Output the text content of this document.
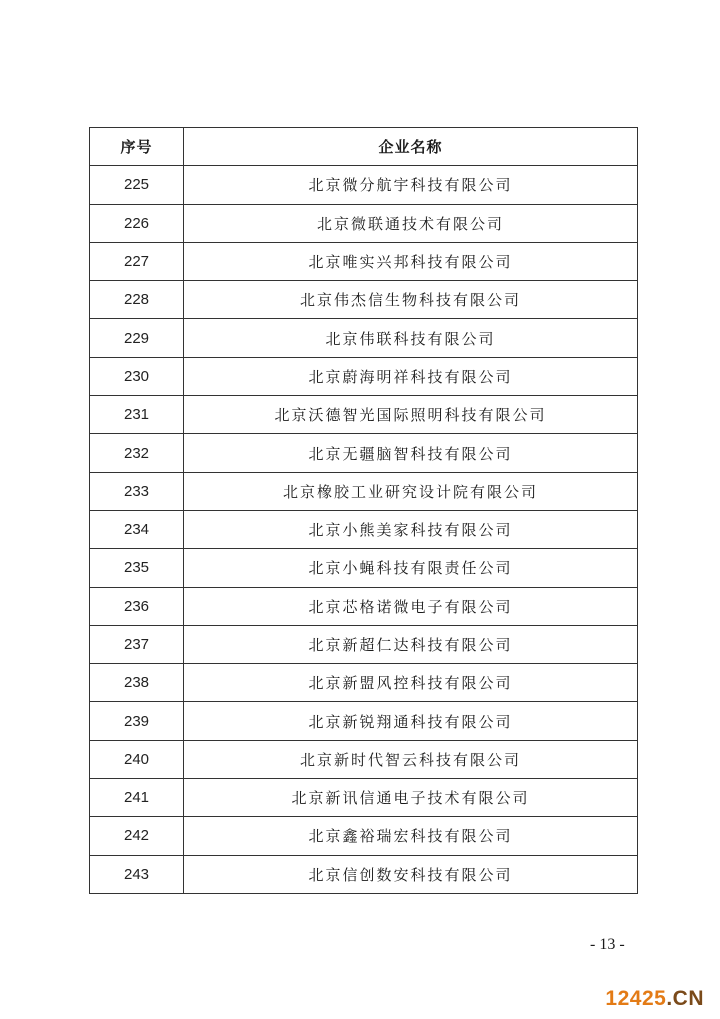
序号	企业名称
225	北京微分航宇科技有限公司
226	北京微联通技术有限公司
227	北京唯实兴邦科技有限公司
228	北京伟杰信生物科技有限公司
229	北京伟联科技有限公司
230	北京蔚海明祥科技有限公司
231	北京沃德智光国际照明科技有限公司
232	北京无疆脑智科技有限公司
233	北京橡胶工业研究设计院有限公司
234	北京小熊美家科技有限公司
235	北京小蝇科技有限责任公司
236	北京芯格诺微电子有限公司
237	北京新超仁达科技有限公司
238	北京新盟风控科技有限公司
239	北京新锐翔通科技有限公司
240	北京新时代智云科技有限公司
241	北京新讯信通电子技术有限公司
242	北京鑫裕瑞宏科技有限公司
243	北京信创数安科技有限公司
- 13 -
12425.CN
